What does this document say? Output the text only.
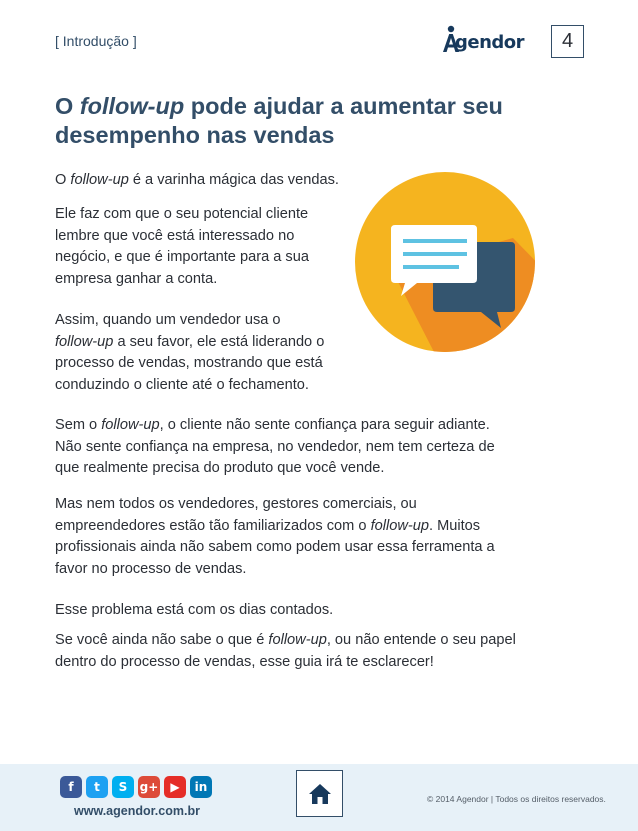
[ Introdução ]	gendor	4
O follow-up pode ajudar a aumentar seu
desempenho nas vendas

O follow-up é a varinha mágica das vendas.

Ele faz com que o seu potencial cliente
lembre que você está interessado no
negócio, e que é importante para a sua
empresa ganhar a conta.

Assim, quando um vendedor usa o
follow-up a seu favor, ele está liderando o
processo de vendas, mostrando que está
conduzindo o cliente até o fechamento.

Sem o follow-up, o cliente não sente confiança para seguir adiante.
Não sente confiança na empresa, no vendedor, nem tem certeza de
que realmente precisa do produto que você vende.

Mas nem todos os vendedores, gestores comerciais, ou
empreendedores estão tão familiarizados com o follow-up. Muitos
profissionais ainda não sabem como podem usar essa ferramenta a
favor no processo de vendas.

Esse problema está com os dias contados.

Se você ainda não sabe o que é follow-up, ou não entende o seu papel
dentro do processo de vendas, esse guia irá te esclarecer!

f	t	S	g+	▶	in
www.agendor.com.br
© 2014 Agendor | Todos os direitos reservados.
